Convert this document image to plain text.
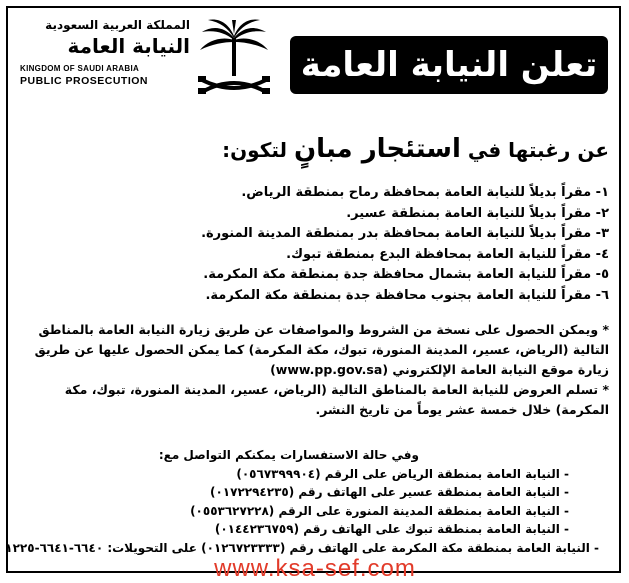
المملكة العربية السعودية
النيابة العامة
KINGDOM OF SAUDI ARABIA
PUBLIC PROSECUTION	تعلن النيابة العامة
عن رغبتها في استئجار مبانٍ لتكون:
١- مقراً بديلاً للنيابة العامة بمحافظة رماح بمنطقة الرياض.
٢- مقراً بديلاً للنيابة العامة بمنطقة عسير.
٣- مقراً بديلاً للنيابة العامة بمحافظة بدر بمنطقة المدينة المنورة.
٤- مقراً للنيابة العامة بمحافظة البدع بمنطقة تبوك.
٥- مقراً للنيابة العامة بشمال محافظة جدة بمنطقة مكة المكرمة.
٦- مقراً للنيابة العامة بجنوب محافظة جدة بمنطقة مكة المكرمة.
* ويمكن الحصول على نسخة من الشروط والمواصفات عن طريق زيارة النيابة العامة بالمناطق التالية (الرياض، عسير، المدينة المنورة، تبوك، مكة المكرمة) كما يمكن الحصول عليها عن طريق زيارة موقع النيابة العامة الإلكتروني (www.pp.gov.sa)
* تسلم العروض للنيابة العامة بالمناطق التالية (الرياض، عسير، المدينة المنورة، تبوك، مكة المكرمة) خلال خمسة عشر يوماً من تاريخ النشر.
وفي حالة الاستفسارات يمكنكم التواصل مع:
- النيابة العامة بمنطقة الرياض على الرقم (٠٥٦٧٣٩٩٩٠٤)
- النيابة العامة بمنطقة عسير على الهاتف رقم (٠١٧٢٢٩٤٢٣٥)
- النيابة العامة بمنطقة المدينة المنورة على الرقم (٠٥٥٣٦٢٧٢٢٨)
- النيابة العامة بمنطقة تبوك على الهاتف رقم (٠١٤٤٢٣٦٧٥٩)
- النيابة العامة بمنطقة مكة المكرمة على الهاتف رقم (٠١٢٦٧٢٣٣٣٣) على التحويلات: ٦٦٤٠-٦٦٤١-١٢٢٥
www.ksa-sef.com
